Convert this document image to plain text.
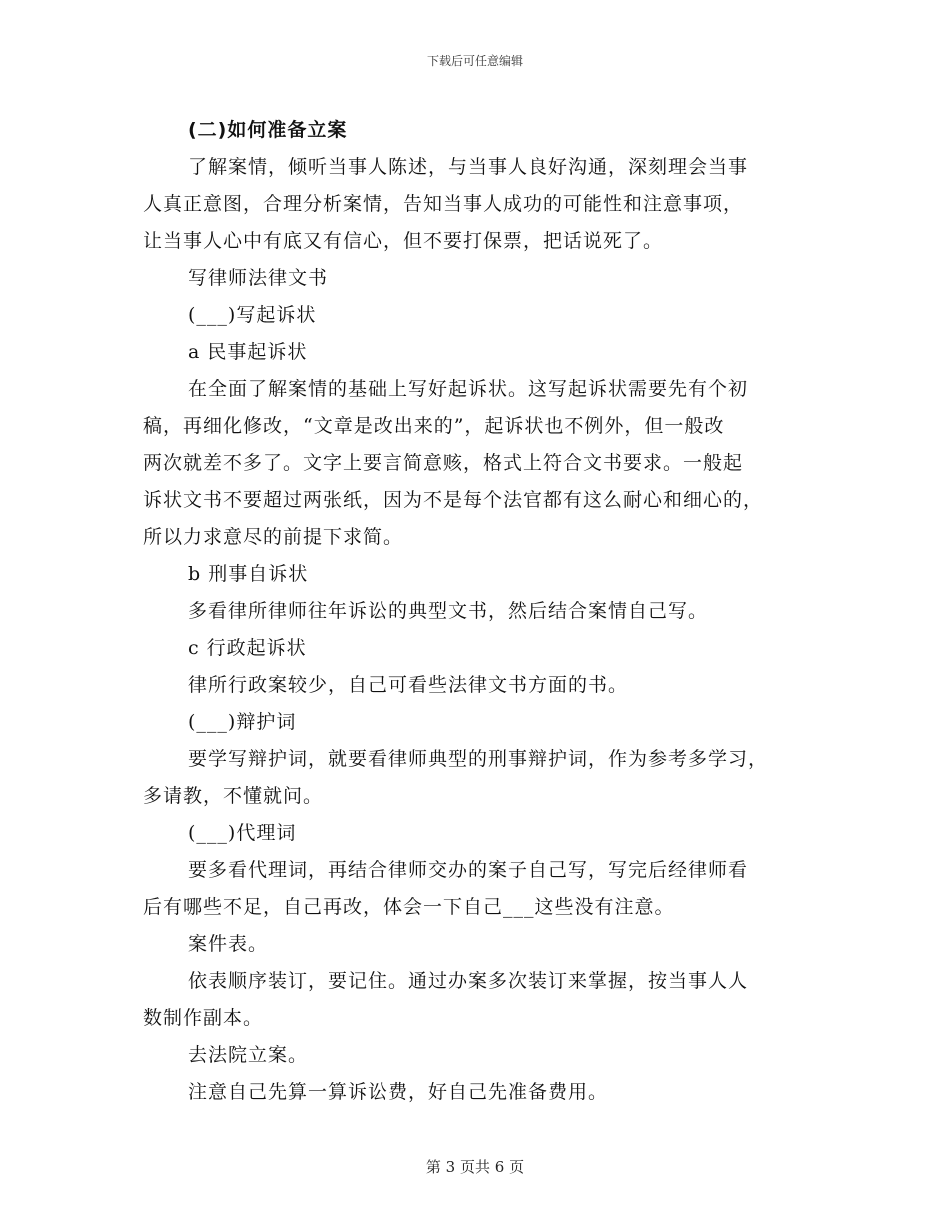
下载后可任意编辑
(二)如何准备立案
了解案情，倾听当事人陈述，与当事人良好沟通，深刻理会当事
人真正意图，合理分析案情，告知当事人成功的可能性和注意事项，
让当事人心中有底又有信心，但不要打保票，把话说死了。
写律师法律文书
(___)写起诉状
a 民事起诉状
在全面了解案情的基础上写好起诉状。这写起诉状需要先有个初
稿，再细化修改，“文章是改出来的”，起诉状也不例外，但一般改
两次就差不多了。文字上要言简意赅，格式上符合文书要求。一般起
诉状文书不要超过两张纸，因为不是每个法官都有这么耐心和细心的，
所以力求意尽的前提下求简。
b 刑事自诉状
多看律所律师往年诉讼的典型文书，然后结合案情自己写。
c 行政起诉状
律所行政案较少，自己可看些法律文书方面的书。
(___)辩护词
要学写辩护词，就要看律师典型的刑事辩护词，作为参考多学习，
多请教，不懂就问。
(___)代理词
要多看代理词，再结合律师交办的案子自己写，写完后经律师看
后有哪些不足，自己再改，体会一下自己___这些没有注意。
案件表。
依表顺序装订，要记住。通过办案多次装订来掌握，按当事人人
数制作副本。
去法院立案。
注意自己先算一算诉讼费，好自己先准备费用。
第 3 页共 6 页
